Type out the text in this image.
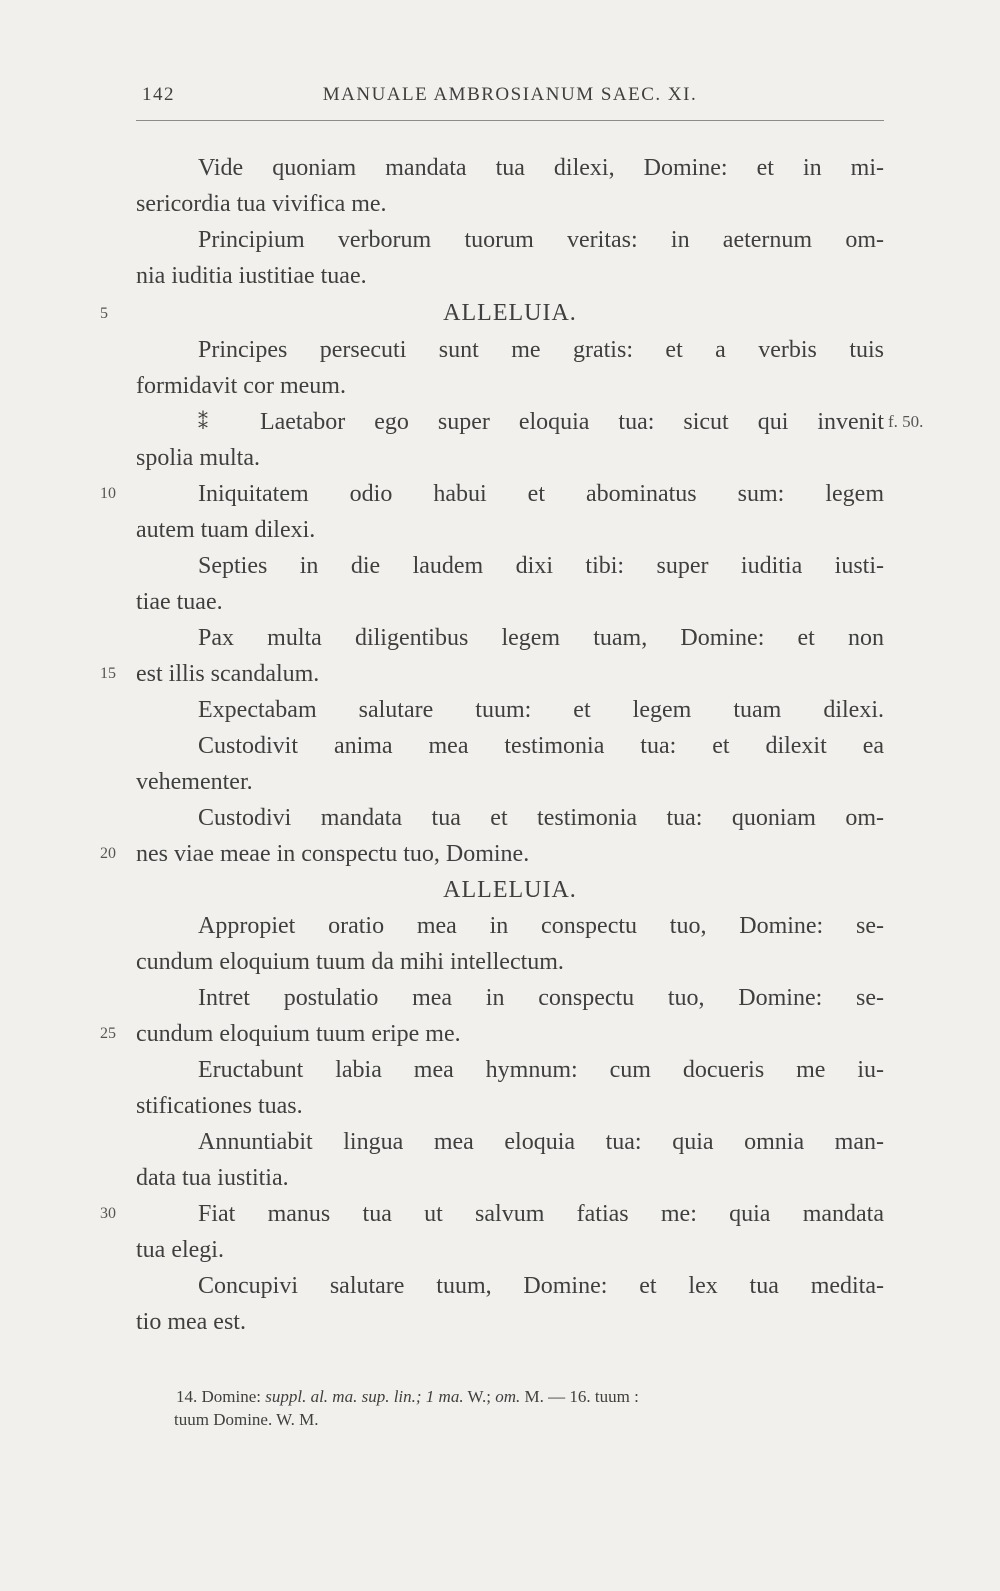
142	MANUALE AMBROSIANUM SAEC. XI.
Vide quoniam mandata tua dilexi, Domine: et in mi-
sericordia tua vivifica me.
Principium verborum tuorum veritas: in aeternum om-
nia iuditia iustitiae tuae.
ALLELUIA.
Principes persecuti sunt me gratis: et a verbis tuis
formidavit cor meum.
⁑ Laetabor ego super eloquia tua: sicut qui invenit
spolia multa.
Iniquitatem odio habui et abominatus sum: legem
autem tuam dilexi.
Septies in die laudem dixi tibi: super iuditia iusti-
tiae tuae.
Pax multa diligentibus legem tuam, Domine: et non
est illis scandalum.
Expectabam salutare tuum: et legem tuam dilexi.
Custodivit anima mea testimonia tua: et dilexit ea
vehementer.
Custodivi mandata tua et testimonia tua: quoniam om-
nes viae meae in conspectu tuo, Domine.
ALLELUIA.
Appropiet oratio mea in conspectu tuo, Domine: se-
cundum eloquium tuum da mihi intellectum.
Intret postulatio mea in conspectu tuo, Domine: se-
cundum eloquium tuum eripe me.
Eructabunt labia mea hymnum: cum docueris me iu-
stificationes tuas.
Annuntiabit lingua mea eloquia tua: quia omnia man-
data tua iustitia.
Fiat manus tua ut salvum fatias me: quia mandata
tua elegi.
Concupivi salutare tuum, Domine: et lex tua medita-
tio mea est.
5
10
15
20
25
30
f. 50.
14. Domine: suppl. al. ma. sup. lin.; 1 ma. W.; om. M. — 16. tuum :
tuum Domine. W. M.
